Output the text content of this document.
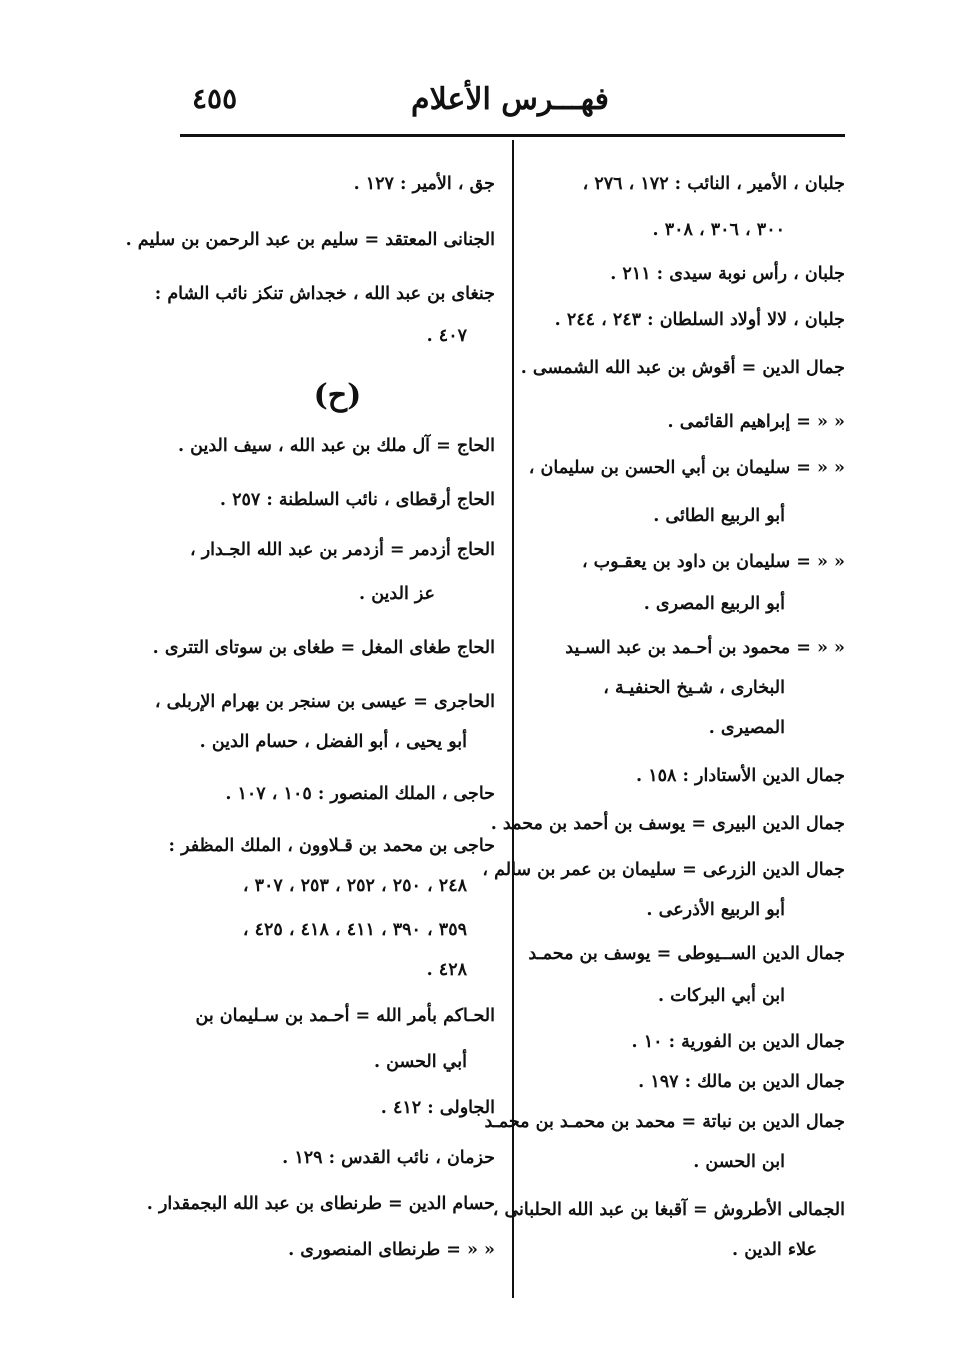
فهـــرس الأعلام
٤٥٥
جلبان ، الأمير ، النائب : ١٧٢ ، ٢٧٦ ،
٣٠٠ ، ٣٠٦ ، ٣٠٨ .
جلبان ، رأس نوبة سيدى : ٢١١ .
جلبان ، لالا أولاد السلطان : ٢٤٣ ، ٢٤٤ .
جمال الدين = أقوش بن عبد الله الشمسى .
« « = إبراهيم القائمى .
« « = سليمان بن أبي الحسن بن سليمان ،
أبو الربيع الطائى .
« « = سليمان بن داود بن يعقـوب ،
أبو الربيع المصرى .
« « = محمود بن أحـمد بن عبد السـيد
البخارى ، شـيخ الحنفيـة ،
المصيرى .
جمال الدين الأستادار : ١٥٨ .
جمال الدين البيرى = يوسف بن أحمد بن محمد .
جمال الدين الزرعى = سليمان بن عمر بن سالم ،
أبو الربيع الأذرعى .
جمال الدين الســيوطى = يوسف بن محمـد
ابن أبي البركات .
جمال الدين بن الفورية : ١٠ .
جمال الدين بن مالك : ١٩٧ .
جمال الدين بن نباتة = محمد بن محمـد بن محمـد
ابن الحسن .
الجمالى الأطروش = آقبغا بن عبد الله الحلبانى ،
علاء الدين .
جق ، الأمير : ١٢٧ .
الجنانى المعتقد = سليم بن عبد الرحمن بن سليم .
جنغاى بن عبد الله ، خجداش تنكز نائب الشام :
٤٠٧ .
(ح)
الحاج = آل ملك بن عبد الله ، سيف الدين .
الحاج أرقطاى ، نائب السلطنة : ٢٥٧ .
الحاج أزدمر = أزدمر بن عبد الله الجـدار ،
عز الدين .
الحاج طغاى المغل = طغاى بن سوتاى التترى .
الحاجرى = عيسى بن سنجر بن بهرام الإربلى ،
أبو يحيى ، أبو الفضل ، حسام الدين .
حاجى ، الملك المنصور : ١٠٥ ، ١٠٧ .
حاجى بن محمد بن قـلاوون ، الملك المظفر :
٢٤٨ ، ٢٥٠ ، ٢٥٢ ، ٢٥٣ ، ٣٠٧ ،
٣٥٩ ، ٣٩٠ ، ٤١١ ، ٤١٨ ، ٤٢٥ ،
٤٢٨ .
الحـاكم بأمر الله = أحـمد بن سـليمان بن
أبي الحسن .
الجاولى : ٤١٢ .
حزمان ، نائب القدس : ١٢٩ .
حسام الدين = طرنطاى بن عبد الله البجمقدار .
« « = طرنطاى المنصورى .
